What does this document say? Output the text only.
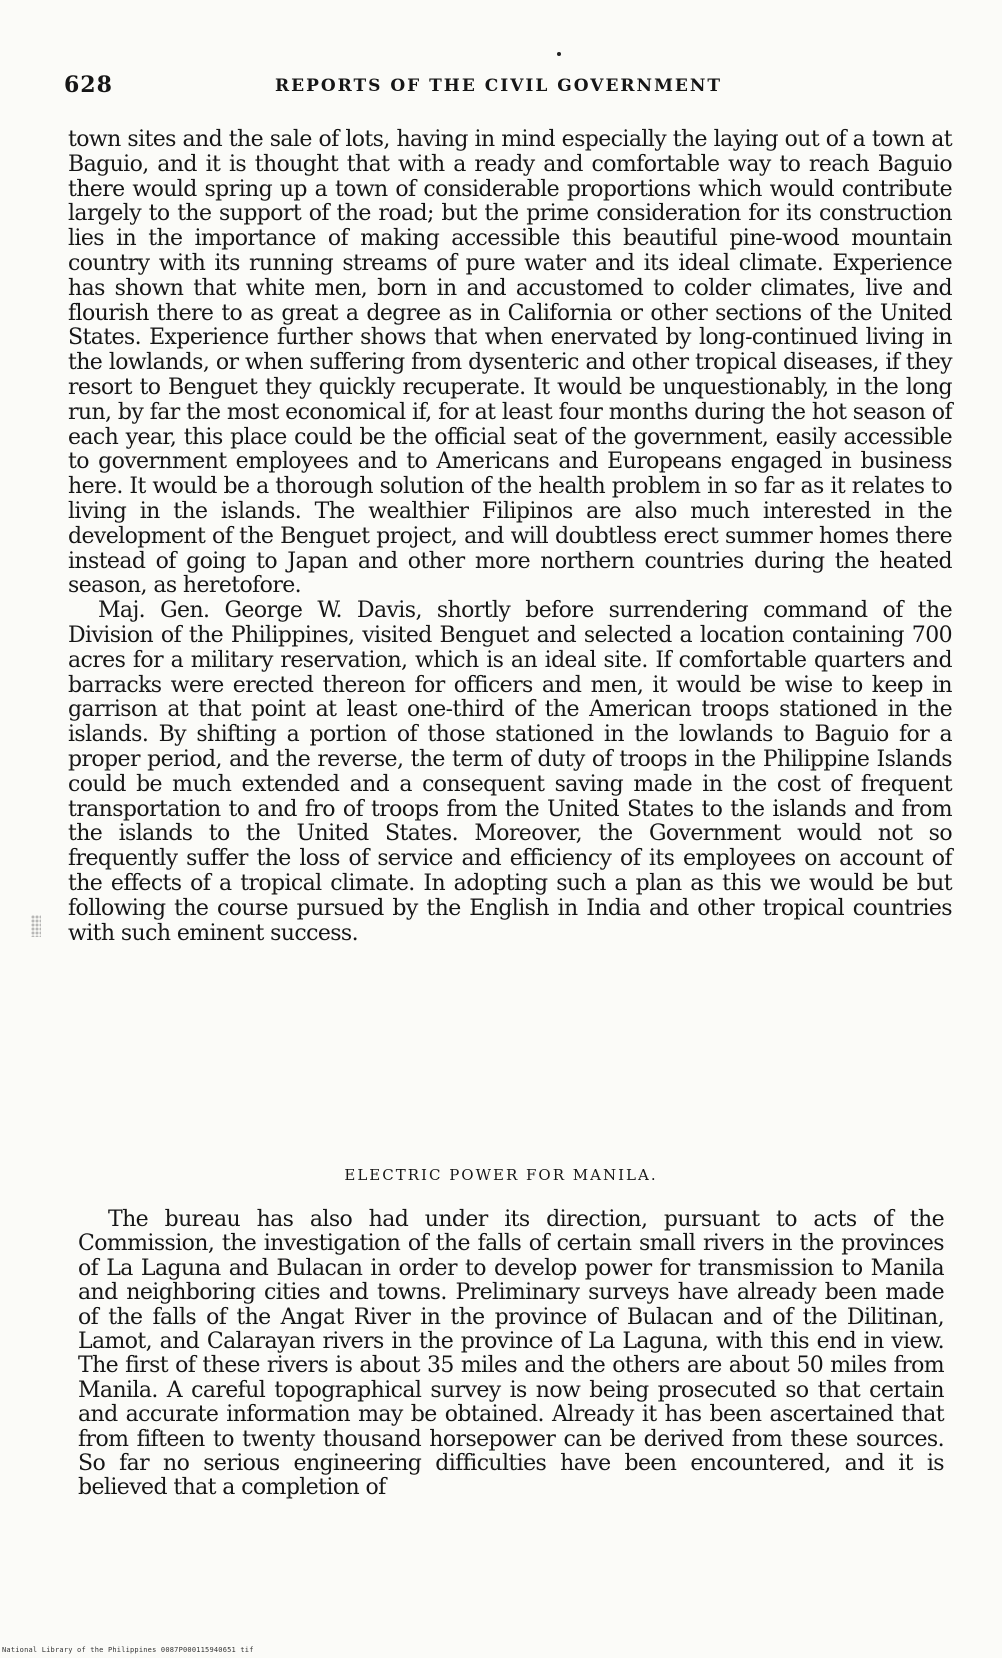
628	REPORTS OF THE CIVIL GOVERNMENT

town sites and the sale of lots, having in mind especially the laying out of a town at Baguio, and it is thought that with a ready and comfortable way to reach Baguio there would spring up a town of considerable proportions which would contribute largely to the support of the road; but the prime consideration for its construction lies in the importance of making accessible this beautiful pine-wood mountain country with its running streams of pure water and its ideal climate. Experience has shown that white men, born in and accustomed to colder climates, live and flourish there to as great a degree as in California or other sections of the United States. Experience further shows that when enervated by long-continued living in the lowlands, or when suffering from dysenteric and other tropical diseases, if they resort to Benguet they quickly recuperate. It would be unquestionably, in the long run, by far the most economical if, for at least four months during the hot season of each year, this place could be the official seat of the government, easily accessible to government employees and to Americans and Europeans engaged in business here. It would be a thorough solution of the health problem in so far as it relates to living in the islands. The wealthier Filipinos are also much interested in the development of the Benguet project, and will doubtless erect summer homes there instead of going to Japan and other more northern countries during the heated season, as heretofore.

Maj. Gen. George W. Davis, shortly before surrendering command of the Division of the Philippines, visited Benguet and selected a location containing 700 acres for a military reservation, which is an ideal site. If comfortable quarters and barracks were erected thereon for officers and men, it would be wise to keep in garrison at that point at least one-third of the American troops stationed in the islands. By shifting a portion of those stationed in the lowlands to Baguio for a proper period, and the reverse, the term of duty of troops in the Philippine Islands could be much extended and a consequent saving made in the cost of frequent transportation to and fro of troops from the United States to the islands and from the islands to the United States. Moreover, the Government would not so frequently suffer the loss of service and efficiency of its employees on account of the effects of a tropical climate. In adopting such a plan as this we would be but following the course pursued by the English in India and other tropical countries with such eminent success.

ELECTRIC POWER FOR MANILA.

The bureau has also had under its direction, pursuant to acts of the Commission, the investigation of the falls of certain small rivers in the provinces of La Laguna and Bulacan in order to develop power for transmission to Manila and neighboring cities and towns. Preliminary surveys have already been made of the falls of the Angat River in the province of Bulacan and of the Dilitinan, Lamot, and Calarayan rivers in the province of La Laguna, with this end in view. The first of these rivers is about 35 miles and the others are about 50 miles from Manila. A careful topographical survey is now being prosecuted so that certain and accurate information may be obtained. Already it has been ascertained that from fifteen to twenty thousand horsepower can be derived from these sources. So far no serious engineering difficulties have been encountered, and it is believed that a completion of

National Library of the Philippines 0087P000115940651 tif
